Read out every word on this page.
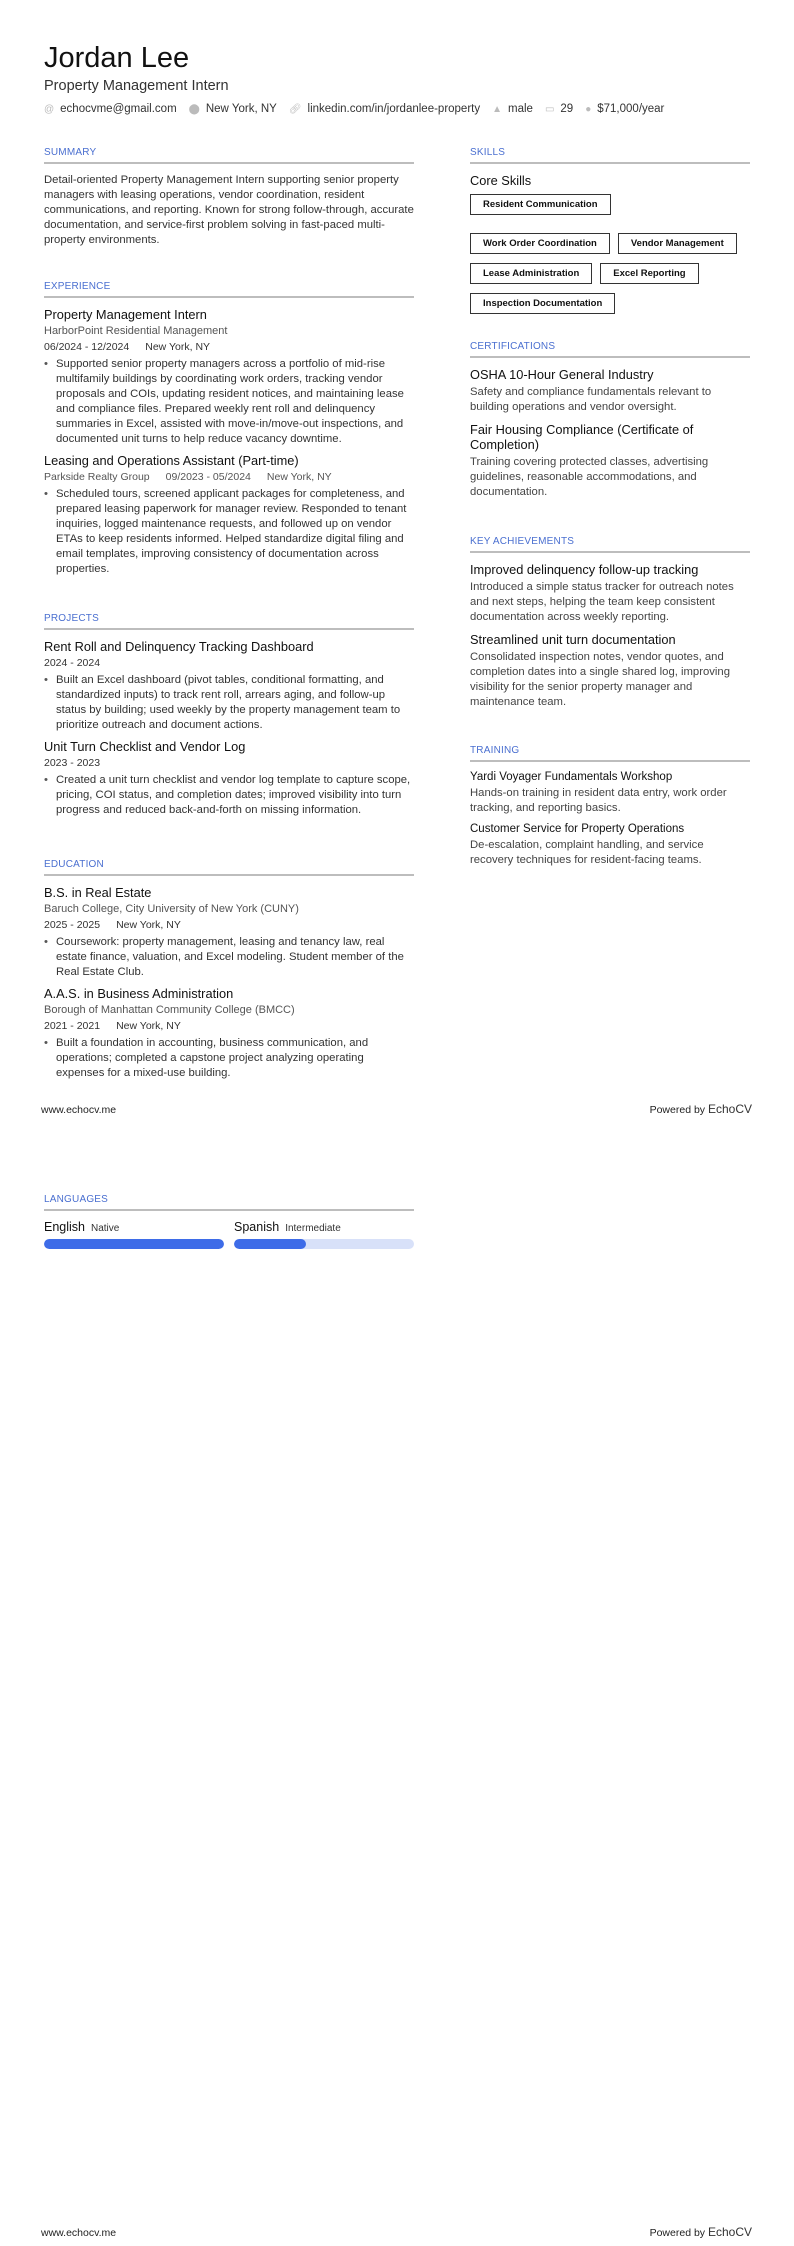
Jordan Lee
Property Management Intern
@ echocvme@gmail.com ⬤ New York, NY 🔗︎ linkedin.com/in/jordanlee-property ▲ male ▭ 29 ● $71,000/year
SUMMARY

Detail-oriented Property Management Intern supporting senior property managers with leasing operations, vendor coordination, resident communications, and reporting. Known for strong follow-through, accurate documentation, and service-first problem solving in fast-paced multi-property environments.

EXPERIENCE
Property Management Intern
HarborPoint Residential Management
06/2024 - 12/2024 New York, NY
• Supported senior property managers across a portfolio of mid-rise multifamily buildings by coordinating work orders, tracking vendor proposals and COIs, updating resident notices, and maintaining lease and compliance files. Prepared weekly rent roll and delinquency summaries in Excel, assisted with move-in/move-out inspections, and documented unit turns to help reduce vacancy downtime.
Leasing and Operations Assistant (Part-time)
Parkside Realty Group 09/2023 - 05/2024 New York, NY
• Scheduled tours, screened applicant packages for completeness, and prepared leasing paperwork for manager review. Responded to tenant inquiries, logged maintenance requests, and followed up on vendor ETAs to keep residents informed. Helped standardize digital filing and email templates, improving consistency of documentation across properties.
PROJECTS
Rent Roll and Delinquency Tracking Dashboard
2024 - 2024
• Built an Excel dashboard (pivot tables, conditional formatting, and standardized inputs) to track rent roll, arrears aging, and follow-up status by building; used weekly by the property management team to prioritize outreach and document actions.
Unit Turn Checklist and Vendor Log
2023 - 2023
• Created a unit turn checklist and vendor log template to capture scope, pricing, COI status, and completion dates; improved visibility into turn progress and reduced back-and-forth on missing information.
EDUCATION
B.S. in Real Estate
Baruch College, City University of New York (CUNY)
2025 - 2025 New York, NY
• Coursework: property management, leasing and tenancy law, real estate finance, valuation, and Excel modeling. Student member of the Real Estate Club.
A.A.S. in Business Administration
Borough of Manhattan Community College (BMCC)
2021 - 2021 New York, NY
• Built a foundation in accounting, business communication, and operations; completed a capstone project analyzing operating expenses for a mixed-use building.
SKILLS
Core Skills
Resident Communication
Work Order Coordination	Vendor Management
Lease Administration	Excel Reporting
Inspection Documentation
CERTIFICATIONS
OSHA 10-Hour General Industry

Safety and compliance fundamentals relevant to building operations and vendor oversight.

Fair Housing Compliance (Certificate of Completion)

Training covering protected classes, advertising guidelines, reasonable accommodations, and documentation.

KEY ACHIEVEMENTS
Improved delinquency follow-up tracking

Introduced a simple status tracker for outreach notes and next steps, helping the team keep consistent documentation across weekly reporting.

Streamlined unit turn documentation

Consolidated inspection notes, vendor quotes, and completion dates into a single shared log, improving visibility for the senior property manager and maintenance team.

TRAINING
Yardi Voyager Fundamentals Workshop

Hands-on training in resident data entry, work order tracking, and reporting basics.

Customer Service for Property Operations

De-escalation, complaint handling, and service recovery techniques for resident-facing teams.

www.echocv.me	Powered by EchoCV
LANGUAGES
English Native	Spanish Intermediate
www.echocv.me	Powered by EchoCV
